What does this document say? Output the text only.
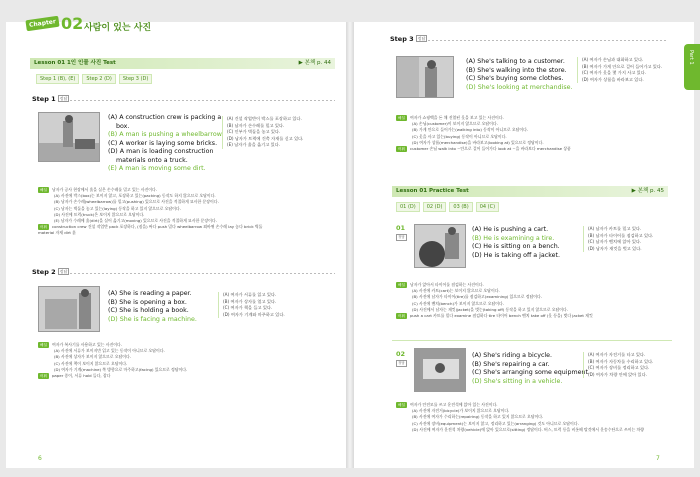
Chapter 02 사람이 있는 사진
Lesson 01 1인 인물 사진 Test	▶ 본책 p. 44
Step 1 (B), (E)	Step 2 (D)	Step 3 (D)
Step 1 정답
(A) A construction crew is packing a

box.
(B) A man is pushing a wheelbarrow.
(C) A worker is laying some bricks.
(D) A man is loading construction

materials onto a truck.
(E) A man is moving some dirt.
(A) 건설 작업반이 박스를 포장하고 있다.
(B) 남자가 손수레를 밀고 있다.
(C) 인부가 벽돌을 놓고 있다.
(D) 남자가 트럭에 건축 자재를 싣고 있다.
(E) 남자가 흙을 옮기고 있다.
해설 남자가 공사 현장에서 흙을 실은 손수레를 밀고 있는 사진이다.
(A) 사진에 박스(box)는 보이지 않고, 포장하고 있는(packing) 동작도 하지 않으므로 오답이다.
(B) 남자가 손수레(wheelbarrow)를 밀고(pushing) 있으므로 사진을 적절하게 묘사한 문장이다.
(C) 남자는 벽돌을 놓고 있는(laying) 동작을 하고 있지 않으므로 오답이다.
(D) 사진에 트럭(truck)은 보이지 않으므로 오답이다.
(E) 남자가 수레에 흙(dirt)을 실어 옮기고(moving) 있으므로 사진을 적절하게 묘사한 문장이다.
어휘 construction crew 건설 작업반 pack 포장하다, (짐을) 싸다 push 밀다 wheelbarrow 외바퀴 손수레 lay 놓다 brick 벽돌
material 자재 dirt 흙
Step 2 정답
(A) She is reading a paper.
(B) She is opening a box.
(C) She is holding a book.
(D) She is facing a machine.
(A) 여자가 서류를 읽고 있다.
(B) 여자가 상자를 열고 있다.
(C) 여자가 책을 들고 있다.
(D) 여자가 기계와 마주하고 있다.
해설 여자가 복사기를 사용하고 있는 사진이다.
(A) 사진에 서류가 보이지만 읽고 있는 동작이 아니므로 오답이다.
(B) 사진에 상자가 보이지 않으므로 오답이다.
(C) 사진에 책이 보이지 않으므로 오답이다.
(D) 여자가 기계(machine) 쪽 방향으로 마주하고(facing) 있으므로 정답이다.
어휘 paper 종이, 서류 hold 들다, 잡다
6
Step 3 정답
(A) She's talking to a customer.
(B) She's walking into the store.
(C) She's buying some clothes.
(D) She's looking at merchandise.
(A) 여자가 손님과 대화하고 있다.
(B) 여자가 가게 안으로 걸어 들어가고 있다.
(C) 여자가 옷을 몇 가지 사고 있다.
(D) 여자가 상품을 바라보고 있다.
해설 여자가 쇼핑백을 든 채 진열된 옷을 보고 있는 사진이다.
(A) 손님(customer)이 보이지 않으므로 오답이다.
(B) 가게 안으로 들어가는(walking into) 동작이 아니므로 오답이다.
(C) 옷을 사고 있는(buying) 동작이 아니므로 오답이다.
(D) 여자가 상품(merchandise)을 바라보고(looking at) 있으므로 정답이다.
어휘 customer 손님 walk into ~안으로 걸어 들어가다 look at ~을 바라보다 merchandise 상품
Lesson 01 Practice Test	▶ 본책 p. 45
01 (D)	02 (D)	03 (B)	04 (C)
01
정답
(A) He is pushing a cart.
(B) He is examining a tire.
(C) He is sitting on a bench.
(D) He is taking off a jacket.
(A) 남자가 카트를 밀고 있다.
(B) 남자가 타이어를 점검하고 있다.
(C) 남자가 벤치에 앉아 있다.
(D) 남자가 재킷을 벗고 있다.
해설 남자가 앉아서 타이어를 점검하는 사진이다.
(A) 사진에 카트(cart)는 보이지 않으므로 오답이다.
(B) 사진에 남자가 타이어(tire)를 점검하고(examining) 있으므로 정답이다.
(C) 사진에 벤치(bench)가 보이지 않으므로 오답이다.
(D) 사진에서 남자는 재킷(jacket)을 벗는(taking off) 동작을 하고 있지 않으므로 오답이다.
어휘 push a cart 카트를 밀다 examine 점검하다 tire 타이어 bench 벤치 take off (옷 등을) 벗다 jacket 재킷
02
정답
(A) She's riding a bicycle.
(B) She's repairing a car.
(C) She's arranging some equipment.
(D) She's sitting in a vehicle.
(A) 여자가 자전거를 타고 있다.
(B) 여자가 자동차를 수리하고 있다.
(C) 여자가 장비를 정리하고 있다.
(D) 여자가 차량 안에 앉아 있다.
해설 여자가 안전모를 쓰고 운전석에 앉아 있는 사진이다.
(A) 사진에 자전거(bicycle)가 보이지 않으므로 오답이다.
(B) 사진에 여자가 수리하는(repairing) 동작을 하고 있지 않으므로 오답이다.
(C) 사진에 장비(equipment)는 보이지 않고, 정리하고 있는(arranging) 것도 아니므로 오답이다.
(D) 사진에 여자가 운전석 차량(vehicle)에 앉아 있으므로(sitting) 정답이다. 버스, 트럭 등을 비롯해 탈것에서 운송수단으로 쓰이는 차량
Part 1
7
